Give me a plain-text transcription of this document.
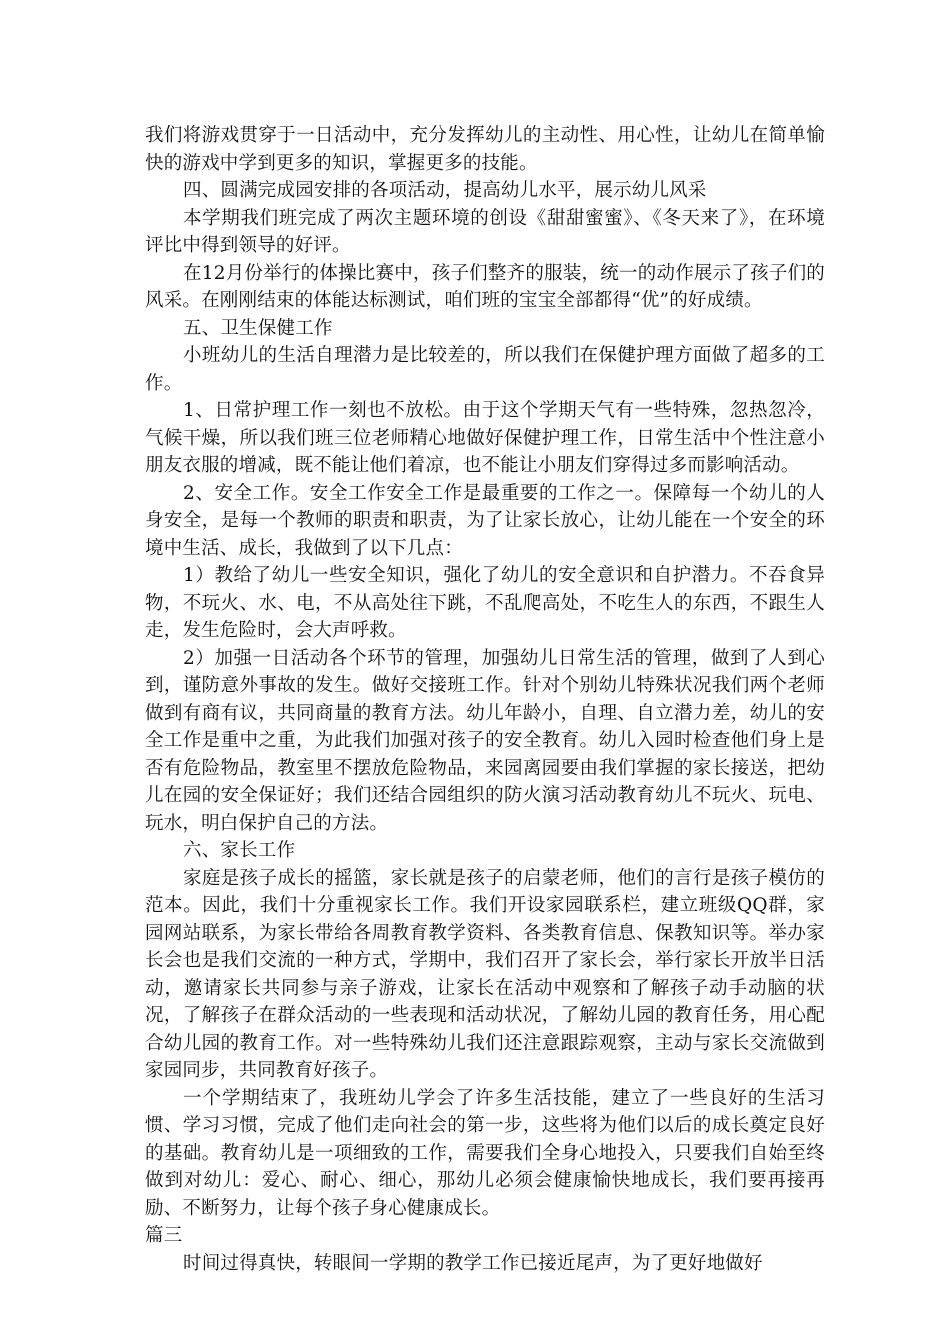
我们将游戏贯穿于一日活动中，充分发挥幼儿的主动性、用心性，让幼儿在简单愉快的游戏中学到更多的知识，掌握更多的技能。

四、圆满完成园安排的各项活动，提高幼儿水平，展示幼儿风采

本学期我们班完成了两次主题环境的创设《甜甜蜜蜜》、《冬天来了》，在环境评比中得到领导的好评。

在12月份举行的体操比赛中，孩子们整齐的服装，统一的动作展示了孩子们的风采。在刚刚结束的体能达标测试，咱们班的宝宝全部都得“优”的好成绩。

五、卫生保健工作

小班幼儿的生活自理潜力是比较差的，所以我们在保健护理方面做了超多的工作。

1、日常护理工作一刻也不放松。由于这个学期天气有一些特殊，忽热忽冷，气候干燥，所以我们班三位老师精心地做好保健护理工作，日常生活中个性注意小朋友衣服的增减，既不能让他们着凉，也不能让小朋友们穿得过多而影响活动。

2、安全工作。安全工作安全工作是最重要的工作之一。保障每一个幼儿的人身安全，是每一个教师的职责和职责，为了让家长放心，让幼儿能在一个安全的环境中生活、成长，我做到了以下几点：

1）教给了幼儿一些安全知识，强化了幼儿的安全意识和自护潜力。不吞食异物，不玩火、水、电，不从高处往下跳，不乱爬高处，不吃生人的东西，不跟生人走，发生危险时，会大声呼救。

2）加强一日活动各个环节的管理，加强幼儿日常生活的管理，做到了人到心到，谨防意外事故的发生。做好交接班工作。针对个别幼儿特殊状况我们两个老师做到有商有议，共同商量的教育方法。幼儿年龄小，自理、自立潜力差，幼儿的安全工作是重中之重，为此我们加强对孩子的安全教育。幼儿入园时检查他们身上是否有危险物品，教室里不摆放危险物品，来园离园要由我们掌握的家长接送，把幼儿在园的安全保证好；我们还结合园组织的防火演习活动教育幼儿不玩火、玩电、玩水，明白保护自己的方法。

六、家长工作

家庭是孩子成长的摇篮，家长就是孩子的启蒙老师，他们的言行是孩子模仿的范本。因此，我们十分重视家长工作。我们开设家园联系栏，建立班级QQ群，家园网站联系，为家长带给各周教育教学资料、各类教育信息、保教知识等。举办家长会也是我们交流的一种方式，学期中，我们召开了家长会，举行家长开放半日活动，邀请家长共同参与亲子游戏，让家长在活动中观察和了解孩子动手动脑的状况，了解孩子在群众活动的一些表现和活动状况，了解幼儿园的教育任务，用心配合幼儿园的教育工作。对一些特殊幼儿我们还注意跟踪观察，主动与家长交流做到家园同步，共同教育好孩子。

一个学期结束了，我班幼儿学会了许多生活技能，建立了一些良好的生活习惯、学习习惯，完成了他们走向社会的第一步，这些将为他们以后的成长奠定良好的基础。教育幼儿是一项细致的工作，需要我们全身心地投入，只要我们自始至终做到对幼儿：爱心、耐心、细心，那幼儿必须会健康愉快地成长，我们要再接再励、不断努力，让每个孩子身心健康成长。

篇三

时间过得真快，转眼间一学期的教学工作已接近尾声，为了更好地做好
